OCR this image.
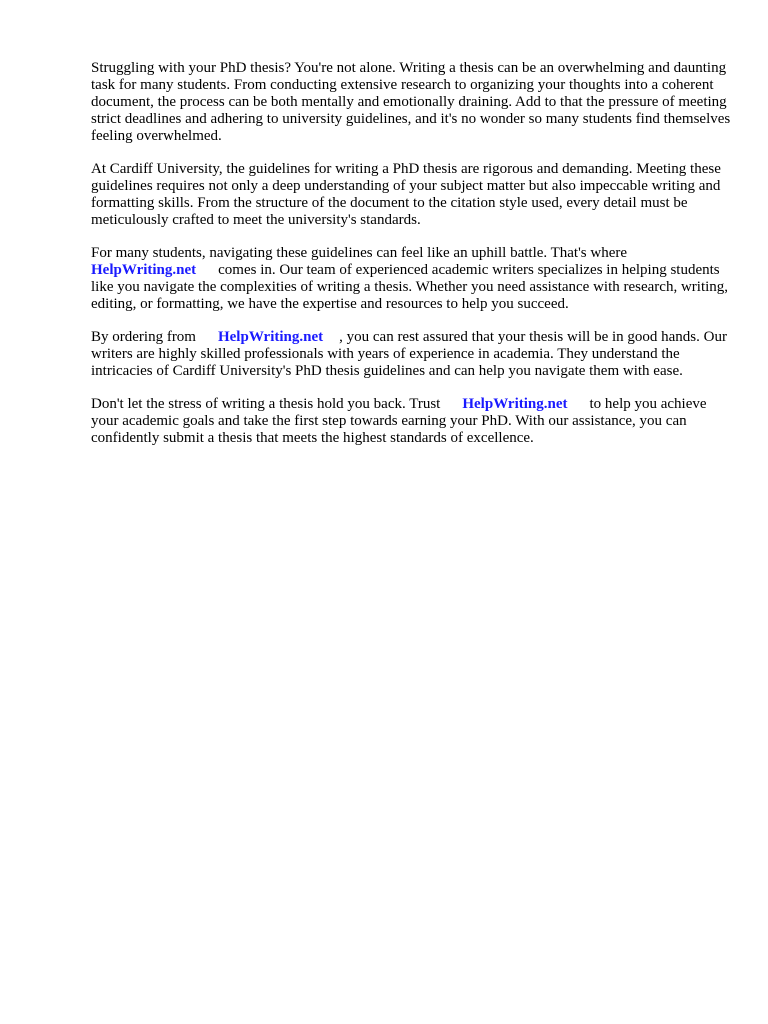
Struggling with your PhD thesis? You're not alone. Writing a thesis can be an overwhelming and daunting task for many students. From conducting extensive research to organizing your thoughts into a coherent document, the process can be both mentally and emotionally draining. Add to that the pressure of meeting strict deadlines and adhering to university guidelines, and it's no wonder so many students find themselves feeling overwhelmed.

At Cardiff University, the guidelines for writing a PhD thesis are rigorous and demanding. Meeting these guidelines requires not only a deep understanding of your subject matter but also impeccable writing and formatting skills. From the structure of the document to the citation style used, every detail must be meticulously crafted to meet the university's standards.

For many students, navigating these guidelines can feel like an uphill battle. That's where HelpWriting.net comes in. Our team of experienced academic writers specializes in helping students like you navigate the complexities of writing a thesis. Whether you need assistance with research, writing, editing, or formatting, we have the expertise and resources to help you succeed.

By ordering from HelpWriting.net , you can rest assured that your thesis will be in good hands. Our writers are highly skilled professionals with years of experience in academia. They understand the intricacies of Cardiff University's PhD thesis guidelines and can help you navigate them with ease.

Don't let the stress of writing a thesis hold you back. Trust HelpWriting.net to help you achieve your academic goals and take the first step towards earning your PhD. With our assistance, you can confidently submit a thesis that meets the highest standards of excellence.
